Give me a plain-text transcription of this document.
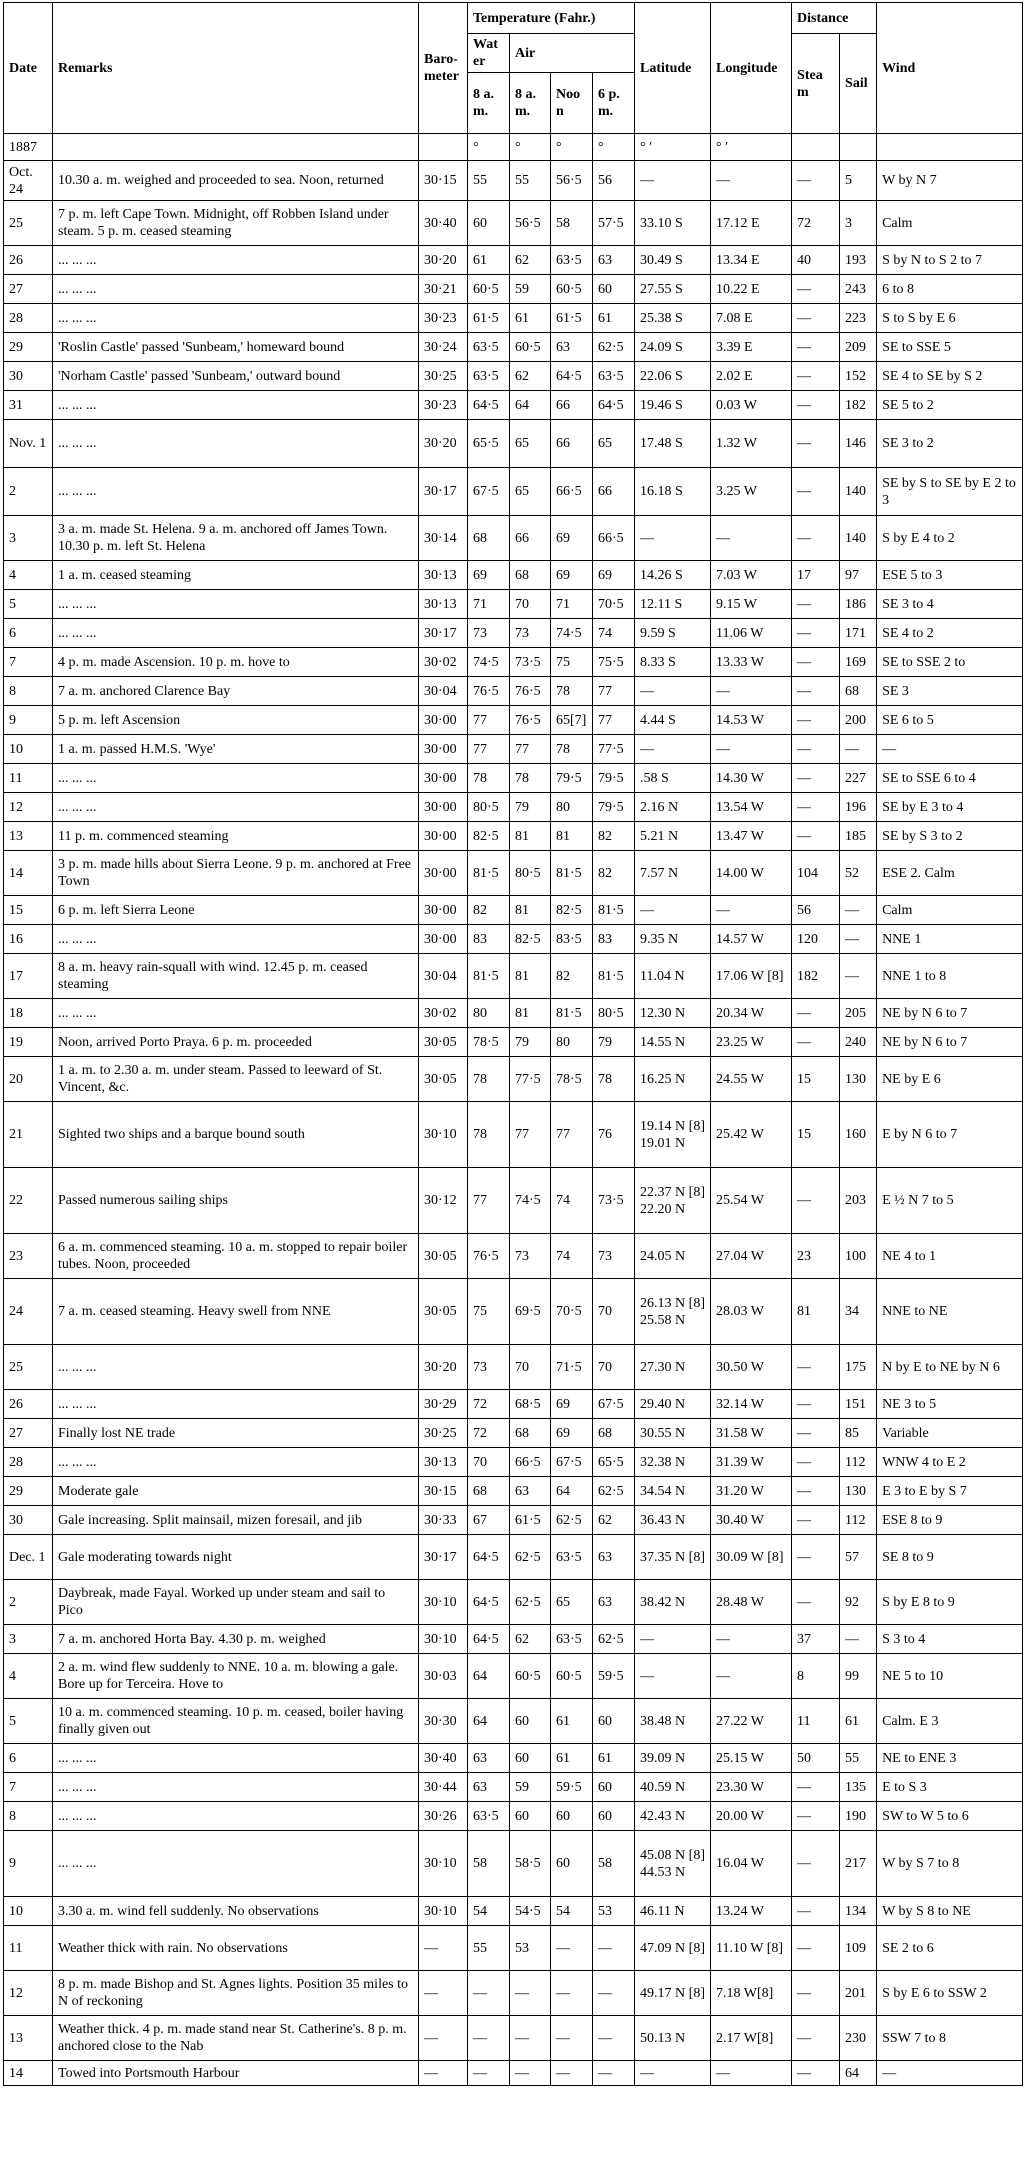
Date	Remarks	Baro-meter	Temperature (Fahr.)				Latitude	Longitude	Distance		Wind
			Water	Air					Steam	Sail	
			8 a. m.	8 a. m.	Noon	6 p. m.					
1887			°	°	°	°	° ′	° ′			
Oct. 24	10.30 a. m. weighed and proceeded to sea. Noon, returned	30·15	55	55	56·5	56	—	—	—	5	W by N 7
25	7 p. m. left Cape Town. Midnight, off Robben Island under steam. 5 p. m. ceased steaming	30·40	60	56·5	58	57·5	33.10 S	17.12 E	72	3	Calm
26	... ... ...	30·20	61	62	63·5	63	30.49 S	13.34 E	40	193	S by N to S 2 to 7
27	... ... ...	30·21	60·5	59	60·5	60	27.55 S	10.22 E	—	243	6 to 8
28	... ... ...	30·23	61·5	61	61·5	61	25.38 S	7.08 E	—	223	S to S by E 6
29	'Roslin Castle' passed 'Sunbeam,' homeward bound	30·24	63·5	60·5	63	62·5	24.09 S	3.39 E	—	209	SE to SSE 5
30	'Norham Castle' passed 'Sunbeam,' outward bound	30·25	63·5	62	64·5	63·5	22.06 S	2.02 E	—	152	SE 4 to SE by S 2
31	... ... ...	30·23	64·5	64	66	64·5	19.46 S	0.03 W	—	182	SE 5 to 2
Nov. 1	... ... ...	30·20	65·5	65	66	65	17.48 S	1.32 W	—	146	SE 3 to 2
2	... ... ...	30·17	67·5	65	66·5	66	16.18 S	3.25 W	—	140	SE by S to SE by E 2 to 3
3	3 a. m. made St. Helena. 9 a. m. anchored off James Town. 10.30 p. m. left St. Helena	30·14	68	66	69	66·5	—	—	—	140	S by E 4 to 2
4	1 a. m. ceased steaming	30·13	69	68	69	69	14.26 S	7.03 W	17	97	ESE 5 to 3
5	... ... ...	30·13	71	70	71	70·5	12.11 S	9.15 W	—	186	SE 3 to 4
6	... ... ...	30·17	73	73	74·5	74	9.59 S	11.06 W	—	171	SE 4 to 2
7	4 p. m. made Ascension. 10 p. m. hove to	30·02	74·5	73·5	75	75·5	8.33 S	13.33 W	—	169	SE to SSE 2 to
8	7 a. m. anchored Clarence Bay	30·04	76·5	76·5	78	77	—	—	—	68	SE 3
9	5 p. m. left Ascension	30·00	77	76·5	65[7]	77	4.44 S	14.53 W	—	200	SE 6 to 5
10	1 a. m. passed H.M.S. 'Wye'	30·00	77	77	78	77·5	—	—	—	—	—
11	... ... ...	30·00	78	78	79·5	79·5	.58 S	14.30 W	—	227	SE to SSE 6 to 4
12	... ... ...	30·00	80·5	79	80	79·5	2.16 N	13.54 W	—	196	SE by E 3 to 4
13	11 p. m. commenced steaming	30·00	82·5	81	81	82	5.21 N	13.47 W	—	185	SE by S 3 to 2
14	3 p. m. made hills about Sierra Leone. 9 p. m. anchored at Free Town	30·00	81·5	80·5	81·5	82	7.57 N	14.00 W	104	52	ESE 2. Calm
15	6 p. m. left Sierra Leone	30·00	82	81	82·5	81·5	—	—	56	—	Calm
16	... ... ...	30·00	83	82·5	83·5	83	9.35 N	14.57 W	120	—	NNE 1
17	8 a. m. heavy rain-squall with wind. 12.45 p. m. ceased steaming	30·04	81·5	81	82	81·5	11.04 N	17.06 W [8]	182	—	NNE 1 to 8
18	... ... ...	30·02	80	81	81·5	80·5	12.30 N	20.34 W	—	205	NE by N 6 to 7
19	Noon, arrived Porto Praya. 6 p. m. proceeded	30·05	78·5	79	80	79	14.55 N	23.25 W	—	240	NE by N 6 to 7
20	1 a. m. to 2.30 a. m. under steam. Passed to leeward of St. Vincent, &c.	30·05	78	77·5	78·5	78	16.25 N	24.55 W	15	130	NE by E 6
21	Sighted two ships and a barque bound south	30·10	78	77	77	76	19.14 N [8] 19.01 N	25.42 W	15	160	E by N 6 to 7
22	Passed numerous sailing ships	30·12	77	74·5	74	73·5	22.37 N [8] 22.20 N	25.54 W	—	203	E ½ N 7 to 5
23	6 a. m. commenced steaming. 10 a. m. stopped to repair boiler tubes. Noon, proceeded	30·05	76·5	73	74	73	24.05 N	27.04 W	23	100	NE 4 to 1
24	7 a. m. ceased steaming. Heavy swell from NNE	30·05	75	69·5	70·5	70	26.13 N [8] 25.58 N	28.03 W	81	34	NNE to NE
25	... ... ...	30·20	73	70	71·5	70	27.30 N	30.50 W	—	175	N by E to NE by N 6
26	... ... ...	30·29	72	68·5	69	67·5	29.40 N	32.14 W	—	151	NE 3 to 5
27	Finally lost NE trade	30·25	72	68	69	68	30.55 N	31.58 W	—	85	Variable
28	... ... ...	30·13	70	66·5	67·5	65·5	32.38 N	31.39 W	—	112	WNW 4 to E 2
29	Moderate gale	30·15	68	63	64	62·5	34.54 N	31.20 W	—	130	E 3 to E by S 7
30	Gale increasing. Split mainsail, mizen foresail, and jib	30·33	67	61·5	62·5	62	36.43 N	30.40 W	—	112	ESE 8 to 9
Dec. 1	Gale moderating towards night	30·17	64·5	62·5	63·5	63	37.35 N [8]	30.09 W [8]	—	57	SE 8 to 9
2	Daybreak, made Fayal. Worked up under steam and sail to Pico	30·10	64·5	62·5	65	63	38.42 N	28.48 W	—	92	S by E 8 to 9
3	7 a. m. anchored Horta Bay. 4.30 p. m. weighed	30·10	64·5	62	63·5	62·5	—	—	37	—	S 3 to 4
4	2 a. m. wind flew suddenly to NNE. 10 a. m. blowing a gale. Bore up for Terceira. Hove to	30·03	64	60·5	60·5	59·5	—	—	8	99	NE 5 to 10
5	10 a. m. commenced steaming. 10 p. m. ceased, boiler having finally given out	30·30	64	60	61	60	38.48 N	27.22 W	11	61	Calm. E 3
6	... ... ...	30·40	63	60	61	61	39.09 N	25.15 W	50	55	NE to ENE 3
7	... ... ...	30·44	63	59	59·5	60	40.59 N	23.30 W	—	135	E to S 3
8	... ... ...	30·26	63·5	60	60	60	42.43 N	20.00 W	—	190	SW to W 5 to 6
9	... ... ...	30·10	58	58·5	60	58	45.08 N [8] 44.53 N	16.04 W	—	217	W by S 7 to 8
10	3.30 a. m. wind fell suddenly. No observations	30·10	54	54·5	54	53	46.11 N	13.24 W	—	134	W by S 8 to NE
11	Weather thick with rain. No observations	—	55	53	—	—	47.09 N [8]	11.10 W [8]	—	109	SE 2 to 6
12	8 p. m. made Bishop and St. Agnes lights. Position 35 miles to N of reckoning	—	—	—	—	—	49.17 N [8]	7.18 W[8]	—	201	S by E 6 to SSW 2
13	Weather thick. 4 p. m. made stand near St. Catherine's. 8 p. m. anchored close to the Nab	—	—	—	—	—	50.13 N	2.17 W[8]	—	230	SSW 7 to 8
14	Towed into Portsmouth Harbour	—	—	—	—	—	—	—	—	64	—
